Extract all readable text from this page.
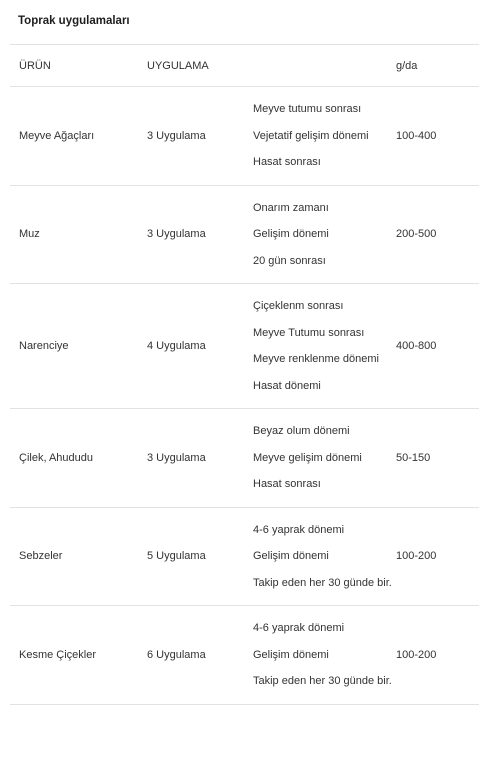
Toprak uygulamaları
ÜRÜN	UYGULAMA		g/da
Meyve Ağaçları	3 Uygulama	Meyve tutumu sonrası
Vejetatif gelişim dönemi
Hasat sonrası	100-400
Muz	3 Uygulama	Onarım zamanı
Gelişim dönemi
20 gün sonrası	200-500
Narenciye	4 Uygulama	Çiçeklenm sonrası
Meyve Tutumu sonrası
Meyve renklenme dönemi
Hasat dönemi	400-800
Çilek, Ahududu	3 Uygulama	Beyaz olum dönemi
Meyve gelişim dönemi
Hasat sonrası	50-150
Sebzeler	5 Uygulama	4-6 yaprak dönemi
Gelişim dönemi
Takip eden her 30 günde bir.	100-200
Kesme Çiçekler	6 Uygulama	4-6 yaprak dönemi
Gelişim dönemi
Takip eden her 30 günde bir.	100-200
